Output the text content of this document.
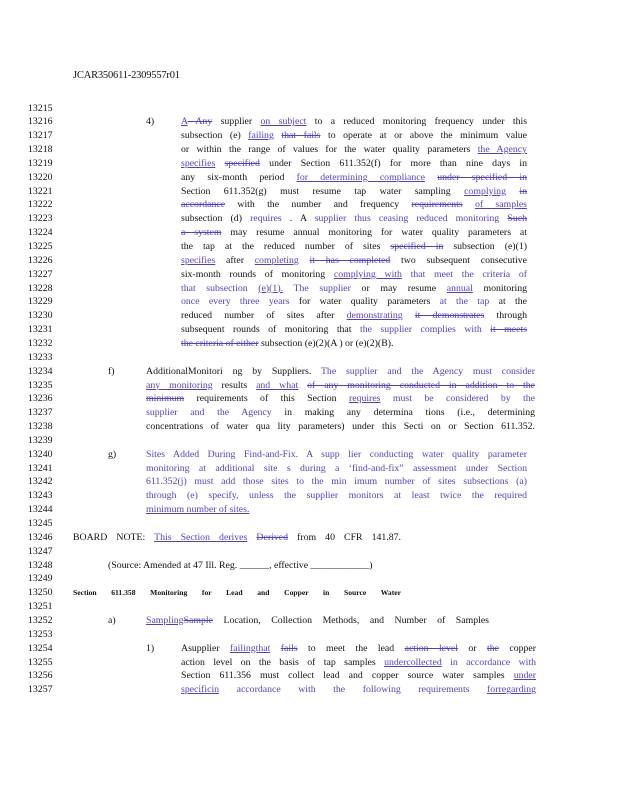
JCAR350611-2309557r01
13215
13216
13217
13218
13219
13220
13221
13222
13223
13224
13225
13226
13227
13228
13229
13230
13231
13232
13233
13234
13235
13236
13237
13238
13239
13240
13241
13242
13243
13244
13245
13246
13247
13248
13249
13250
13251
13252
13253
13254
13255
13256
13257
4)	A Any supplier on subject to a reduced monitoring frequency under this
subsection (e) failing that fails to operate at or above the minimum value
or within the range of values for the water quality parameters the Agency
specifies specified under Section 611.352(f) for more than nine days in
any six-month period for determining compliance under specified in
Section 611.352(g) must resume tap water sampling complying in
accordance with the number and frequency requirements of samples
subsection (d) requires . A supplier thus ceasing reduced monitoring Such
a system may resume annual monitoring for water quality parameters at
the tap at the reduced number of sites specified in subsection (e)(1)
specifies after completing it has completed two subsequent consecutive
six-month rounds of monitoring complying with that meet the criteria of
that subsection (e)(1). The supplier or may resume annual monitoring
once every three years for water quality parameters at the tap at the
reduced number of sites after demonstrating it demonstrates through
subsequent rounds of monitoring that the supplier complies with it meets
the criteria of either subsection (e)(2)(A ) or (e)(2)(B).
f)	AdditionalMonitori ng by Suppliers. The supplier and the Agency must consider
any monitoring results and what of any monitoring conducted in addition to the
minimum requirements of this Section requires must be considered by the
supplier and the Agency in making any determina tions (i.e., determining
concentrations of water qua lity parameters) under this Secti on or Section 611.352.
g)	Sites Added During Find-and-Fix. A supp lier conducting water quality parameter
monitoring at additional site s during a ‘find-and-fix” assessment under Section
611.352(j) must add those sites to the min imum number of sites subsections (a)
through (e) specify, unless the supplier monitors at least twice the required
minimum number of sites.
BOARD NOTE: This Section derives Derived from 40 CFR 141.87.
(Source: Amended at 47 Ill. Reg. ______, effective ____________)
Section 611.358 Monitoring for Lead and Copper in Source Water
a)	SamplingSample Location, Collection Methods, and Number of Samples
1)	Asupplier failingthat fails to meet the lead action level or the copper
action level on the basis of tap samples undercollected in accordance with
Section 611.356 must collect lead and copper source water samples under
specificin accordance with the following requirements forregarding
